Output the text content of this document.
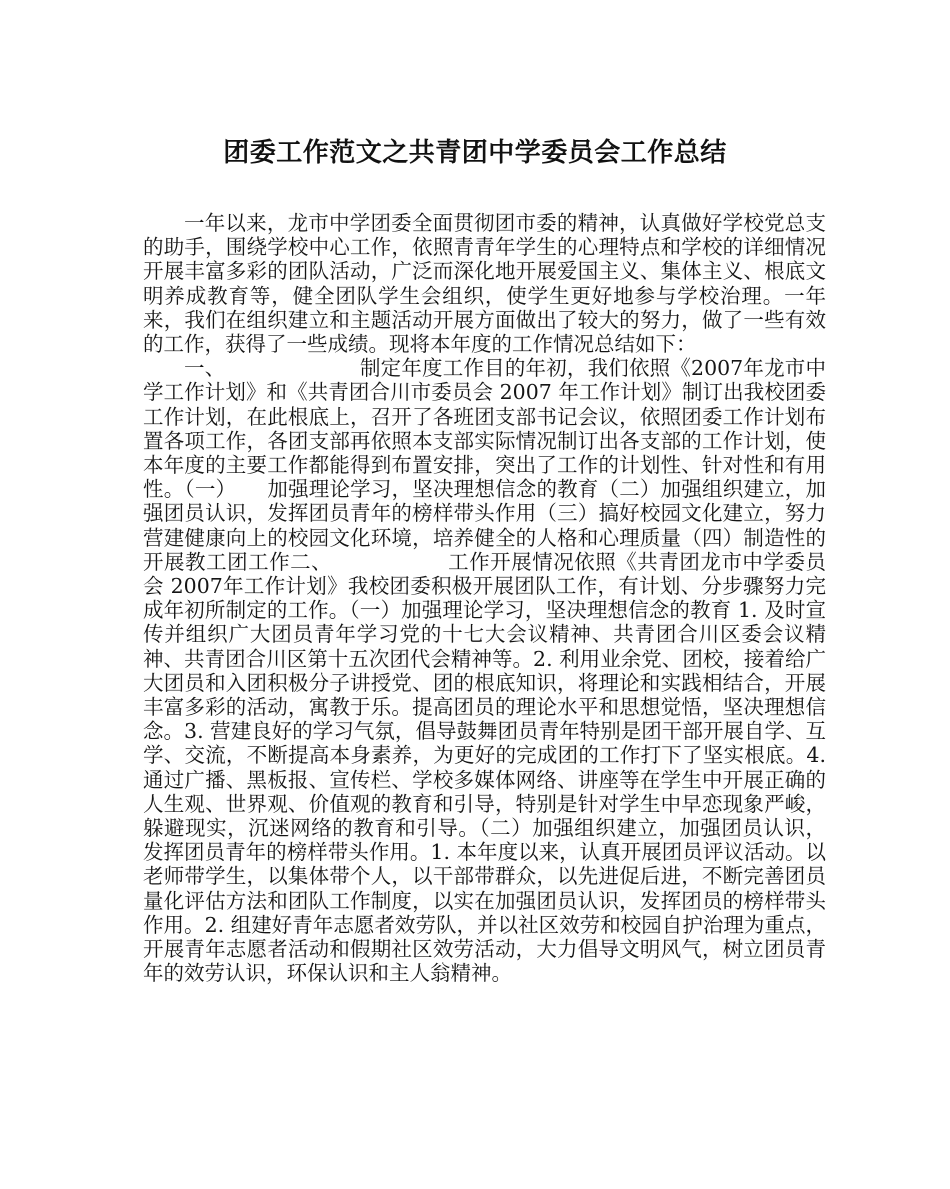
团委工作范文之共青团中学委员会工作总结

一年以来，龙市中学团委全面贯彻团市委的精神，认真做好学校党总支的助手，围绕学校中心工作，依照青青年学生的心理特点和学校的详细情况开展丰富多彩的团队活动，广泛而深化地开展爱国主义、集体主义、根底文明养成教育等，健全团队学生会组织，使学生更好地参与学校治理。一年来，我们在组织建立和主题活动开展方面做出了较大的努力，做了一些有效的工作，获得了一些成绩。现将本年度的工作情况总结如下：

一、　　　　　　　制定年度工作目的年初，我们依照《2007年龙市中学工作计划》和《共青团合川市委员会 2007 年工作计划》制订出我校团委工作计划，在此根底上，召开了各班团支部书记会议，依照团委工作计划布置各项工作，各团支部再依照本支部实际情况制订出各支部的工作计划，使本年度的主要工作都能得到布置安排，突出了工作的计划性、针对性和有用性。（一）　　加强理论学习，坚决理想信念的教育（二）加强组织建立，加强团员认识，发挥团员青年的榜样带头作用（三）搞好校园文化建立，努力营建健康向上的校园文化环境，培养健全的人格和心理质量（四）制造性的开展教工团工作二、　　　　　　工作开展情况依照《共青团龙市中学委员会 2007年工作计划》我校团委积极开展团队工作，有计划、分步骤努力完成年初所制定的工作。（一）加强理论学习，坚决理想信念的教育 1. 及时宣传并组织广大团员青年学习党的十七大会议精神、共青团合川区委会议精神、共青团合川区第十五次团代会精神等。2. 利用业余党、团校，接着给广大团员和入团积极分子讲授党、团的根底知识，将理论和实践相结合，开展丰富多彩的活动，寓教于乐。提高团员的理论水平和思想觉悟，坚决理想信念。3. 营建良好的学习气氛，倡导鼓舞团员青年特别是团干部开展自学、互学、交流，不断提高本身素养，为更好的完成团的工作打下了坚实根底。4. 通过广播、黑板报、宣传栏、学校多媒体网络、讲座等在学生中开展正确的人生观、世界观、价值观的教育和引导，特别是针对学生中早恋现象严峻，躲避现实，沉迷网络的教育和引导。（二）加强组织建立，加强团员认识，发挥团员青年的榜样带头作用。1. 本年度以来，认真开展团员评议活动。以老师带学生，以集体带个人，以干部带群众，以先进促后进，不断完善团员量化评估方法和团队工作制度，以实在加强团员认识，发挥团员的榜样带头作用。2. 组建好青年志愿者效劳队，并以社区效劳和校园自护治理为重点，开展青年志愿者活动和假期社区效劳活动，大力倡导文明风气，树立团员青年的效劳认识，环保认识和主人翁精神。
